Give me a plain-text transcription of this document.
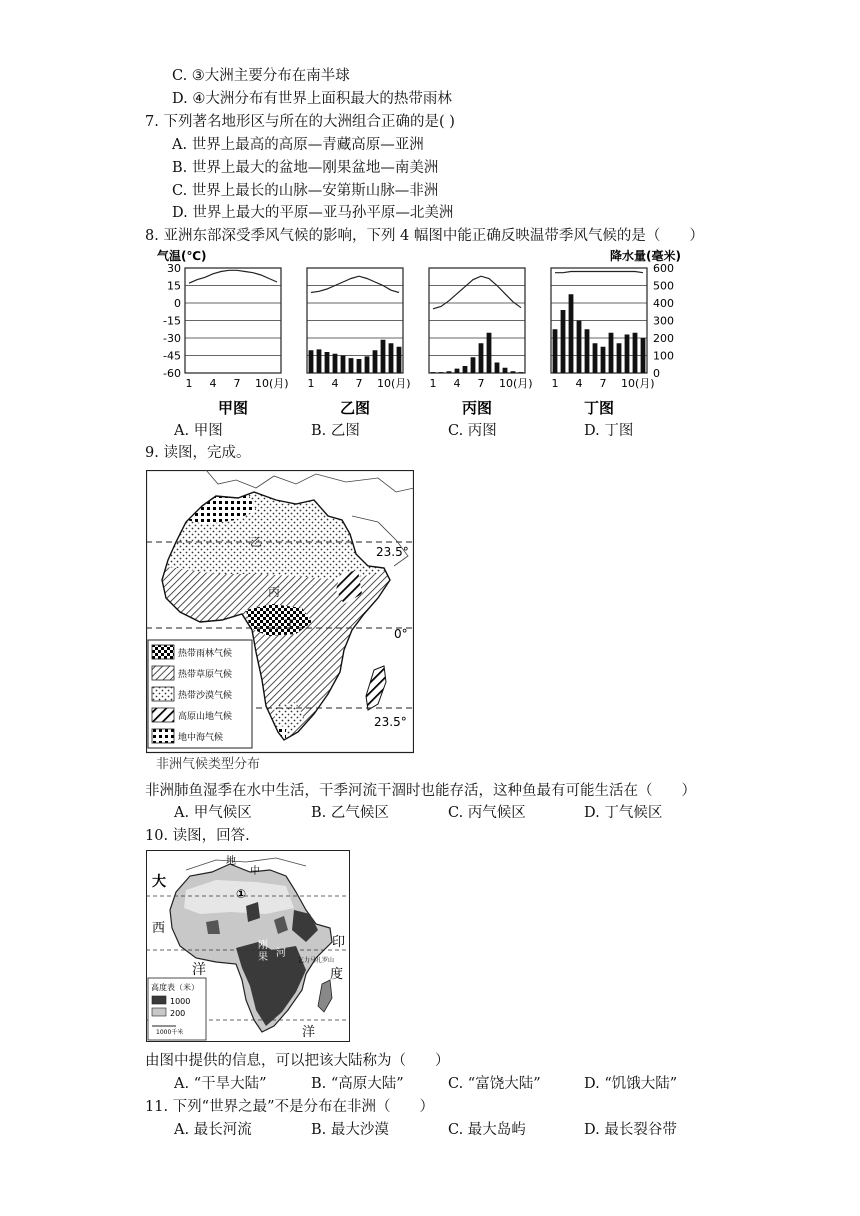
C. ③大洲主要分布在南半球
D. ④大洲分布有世界上面积最大的热带雨林
7. 下列著名地形区与所在的大洲组合正确的是( )
A. 世界上最高的高原—青藏高原—亚洲
B. 世界上最大的盆地—刚果盆地—南美洲
C. 世界上最长的山脉—安第斯山脉—非洲
D. 世界上最大的平原—亚马孙平原—北美洲
8. 亚洲东部深受季风气候的影响，下列 4 幅图中能正确反映温带季风气候的是（　　）
气温(℃)	降水量(毫米)
30
15
0
-15
-30
-45
-60
600
500
400
300
200
100
0
1 4 7 10(月)
甲图
1 4 7 10(月)
乙图
1 4 7 10(月)
丙图
1 4 7 10(月)
丁图
A. 甲图	B. 乙图	C. 丙图	D. 丁图
9. 读图，完成。
23.5°
0°
23.5°
乙
丙
丁
热带雨林气候
热带草原气候
热带沙漠气候
高原山地气候
地中海气候
非洲气候类型分布
非洲肺鱼湿季在水中生活，干季河流干涸时也能存活，这种鱼最有可能生活在（　　）
A. 甲气候区	B. 乙气候区	C. 丙气候区	D. 丁气候区
10. 读图，回答.
①
大
西
洋
印
度
洋
地
中
刚
果 河
乞力马扎罗山
高度表（米）
1000
200
1000千米
由图中提供的信息，可以把该大陆称为（　　）
A. “干旱大陆”	B. “高原大陆”	C. “富饶大陆”	D. “饥饿大陆”
11. 下列“世界之最”不是分布在非洲（　　）
A. 最长河流	B. 最大沙漠	C. 最大岛屿	D. 最长裂谷带
